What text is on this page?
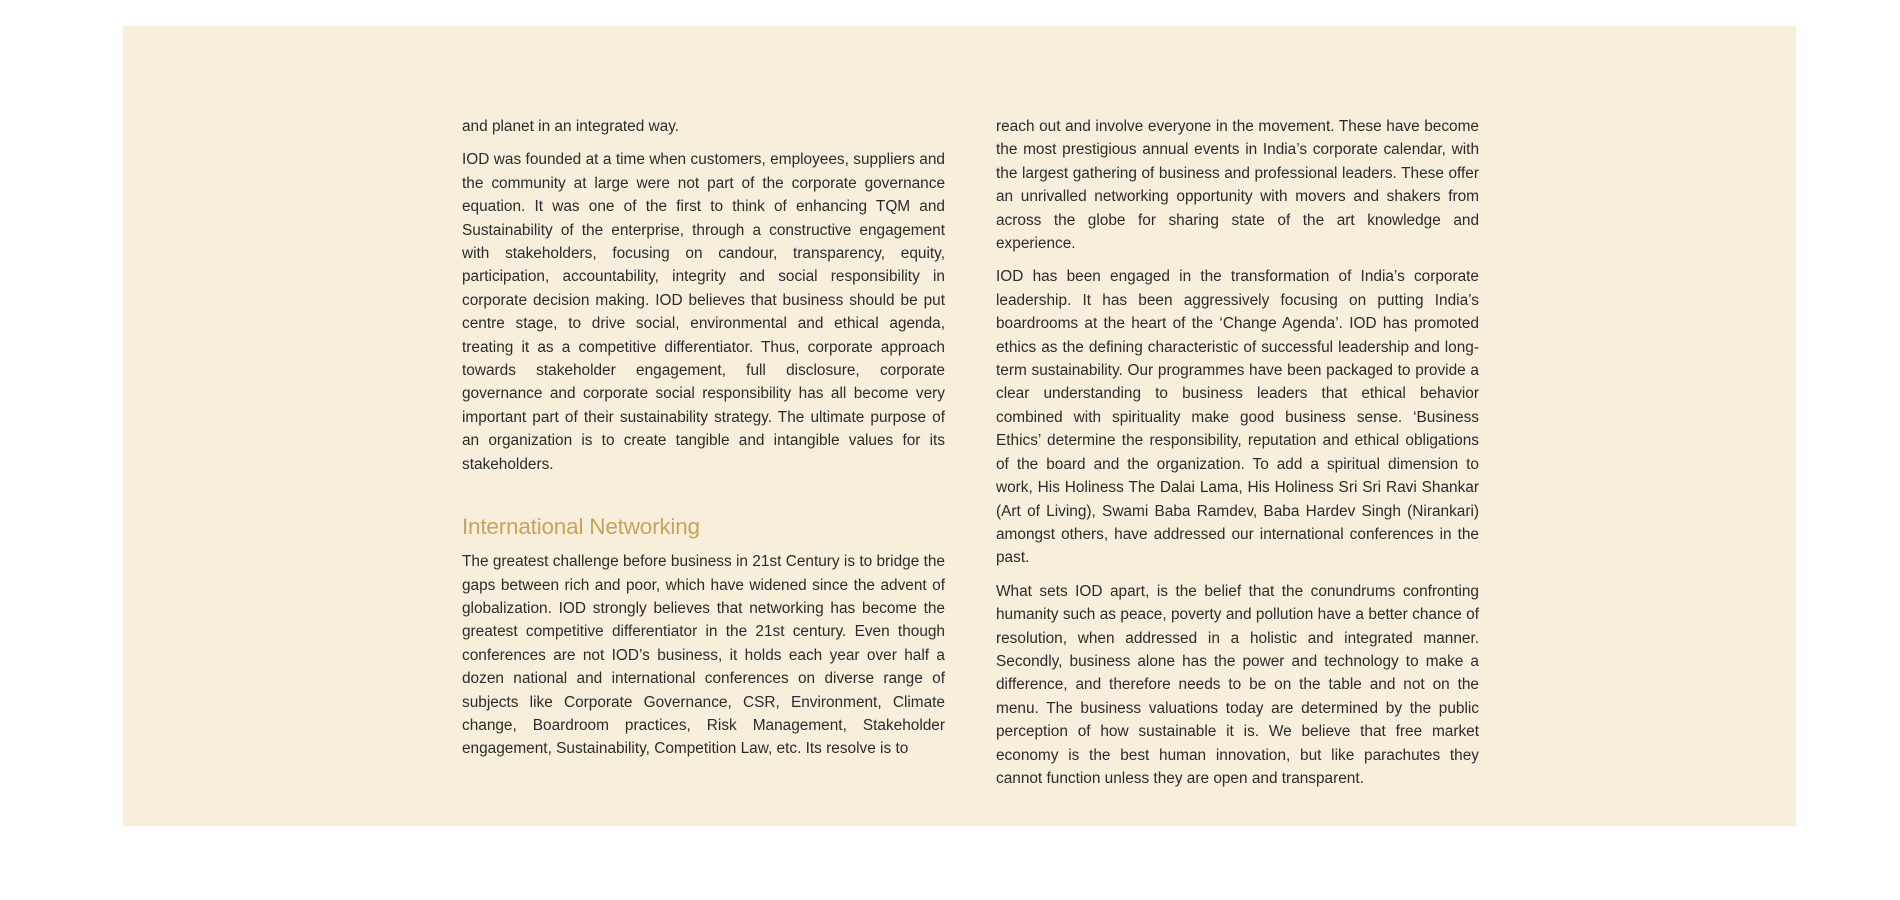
and planet in an integrated way.

IOD was founded at a time when customers, employees, suppliers and the community at large were not part of the corporate governance equation. It was one of the first to think of enhancing TQM and Sustainability of the enterprise, through a constructive engagement with stakeholders, focusing on candour, transparency, equity, participation, accountability, integrity and social responsibility in corporate decision making. IOD believes that business should be put centre stage, to drive social, environmental and ethical agenda, treating it as a competitive differentiator. Thus, corporate approach towards stakeholder engagement, full disclosure, corporate governance and corporate social responsibility has all become very important part of their sustainability strategy. The ultimate purpose of an organization is to create tangible and intangible values for its stakeholders.

International Networking

The greatest challenge before business in 21st Century is to bridge the gaps between rich and poor, which have widened since the advent of globalization. IOD strongly believes that networking has become the greatest competitive differentiator in the 21st century. Even though conferences are not IOD’s business, it holds each year over half a dozen national and international conferences on diverse range of subjects like Corporate Governance, CSR, Environment, Climate change, Boardroom practices, Risk Management, Stakeholder engagement, Sustainability, Competition Law, etc. Its resolve is to

reach out and involve everyone in the movement. These have become the most prestigious annual events in India’s corporate calendar, with the largest gathering of business and professional leaders. These offer an unrivalled networking opportunity with movers and shakers from across the globe for sharing state of the art knowledge and experience.

IOD has been engaged in the transformation of India’s corporate leadership. It has been aggressively focusing on putting India’s boardrooms at the heart of the ‘Change Agenda’. IOD has promoted ethics as the defining characteristic of successful leadership and long-term sustainability. Our programmes have been packaged to provide a clear understanding to business leaders that ethical behavior combined with spirituality make good business sense. ‘Business Ethics’ determine the responsibility, reputation and ethical obligations of the board and the organization. To add a spiritual dimension to work, His Holiness The Dalai Lama, His Holiness Sri Sri Ravi Shankar (Art of Living), Swami Baba Ramdev, Baba Hardev Singh (Nirankari) amongst others, have addressed our international conferences in the past.

What sets IOD apart, is the belief that the conundrums confronting humanity such as peace, poverty and pollution have a better chance of resolution, when addressed in a holistic and integrated manner. Secondly, business alone has the power and technology to make a difference, and therefore needs to be on the table and not on the menu. The business valuations today are determined by the public perception of how sustainable it is. We believe that free market economy is the best human innovation, but like parachutes they cannot function unless they are open and transparent.
